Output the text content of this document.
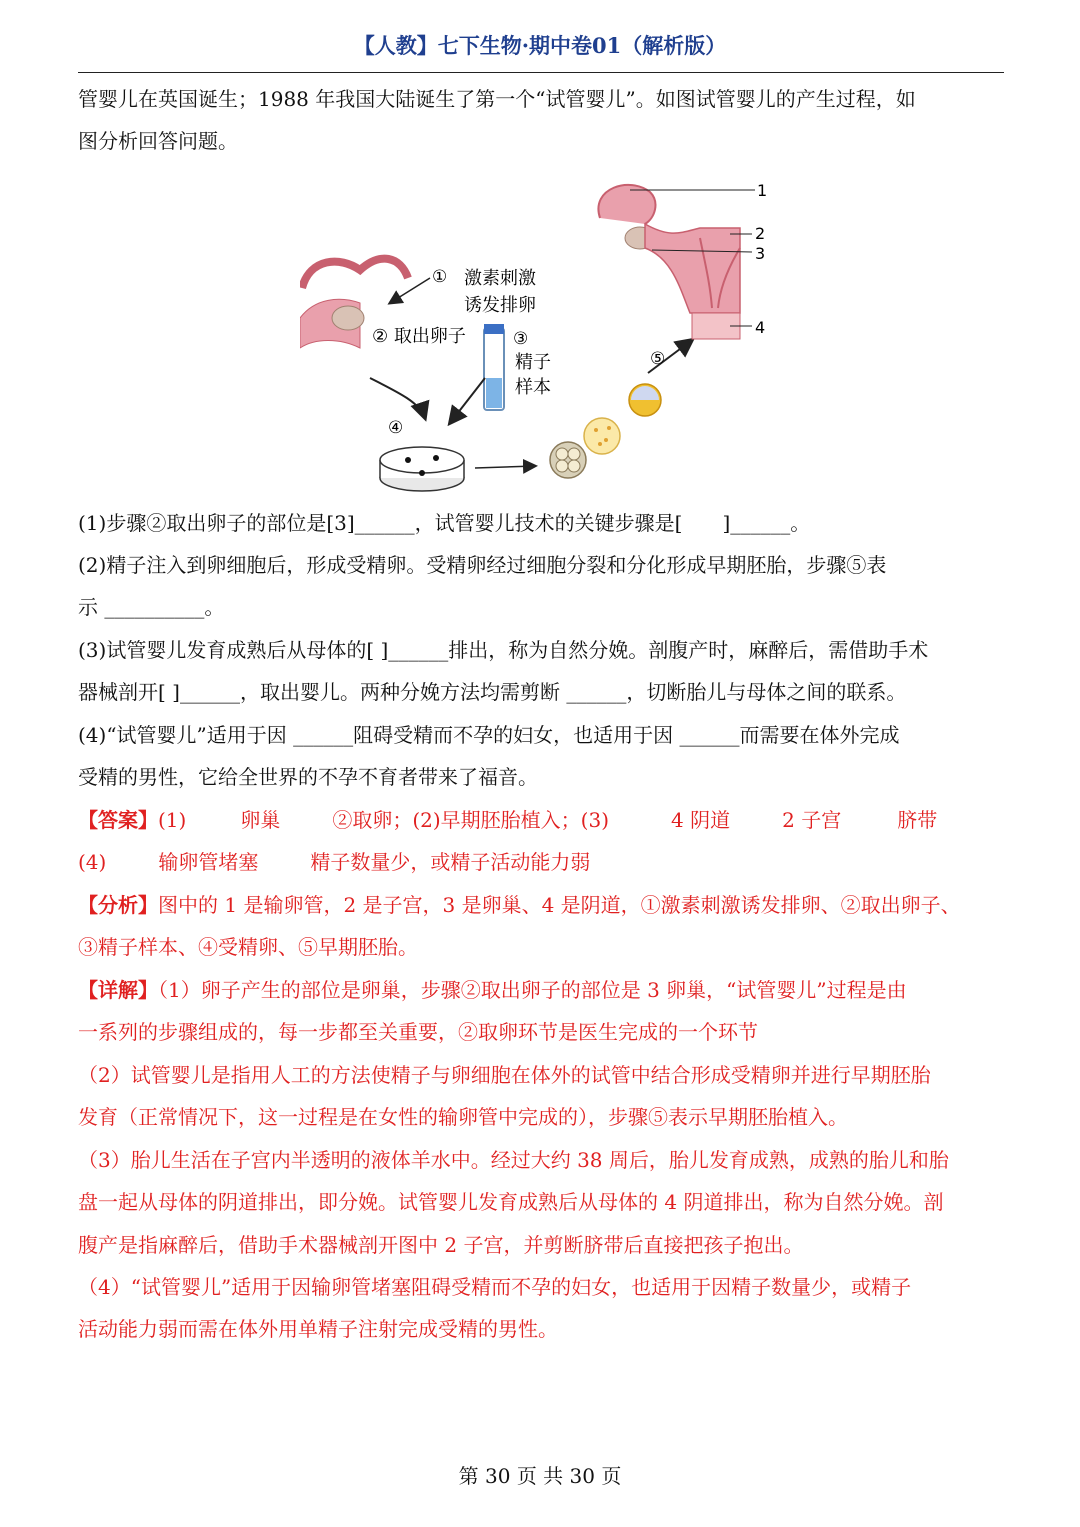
【人教】七下生物·期中卷01（解析版）

管婴儿在英国诞生；1988 年我国大陆诞生了第一个“试管婴儿”。如图试管婴儿的产生过程，如

图分析回答问题。

① 激素刺激
诱发排卵
② 取出卵子	③
精子
样本
④
⑤
1
2
3
4

(1)步骤②取出卵子的部位是[3]______，试管婴儿技术的关键步骤是[　　]______。

(2)精子注入到卵细胞后，形成受精卵。受精卵经过细胞分裂和分化形成早期胚胎，步骤⑤表

示 __________。

(3)试管婴儿发育成熟后从母体的[ ]______排出，称为自然分娩。剖腹产时，麻醉后，需借助手术

器械剖开[ ]______，取出婴儿。两种分娩方法均需剪断 ______，切断胎儿与母体之间的联系。

(4)“试管婴儿”适用于因 ______阻碍受精而不孕的妇女，也适用于因 ______而需要在体外完成

受精的男性，它给全世界的不孕不育者带来了福音。

【答案】(1)	卵巢	②取卵；(2)早期胚胎植入；(3)	4 阴道	2 子宫	脐带

(4)	输卵管堵塞	精子数量少，或精子活动能力弱

【分析】图中的 1 是输卵管，2 是子宫，3 是卵巢、4 是阴道，①激素刺激诱发排卵、②取出卵子、

③精子样本、④受精卵、⑤早期胚胎。

【详解】（1）卵子产生的部位是卵巢，步骤②取出卵子的部位是 3 卵巢，“试管婴儿”过程是由

一系列的步骤组成的，每一步都至关重要，②取卵环节是医生完成的一个环节

（2）试管婴儿是指用人工的方法使精子与卵细胞在体外的试管中结合形成受精卵并进行早期胚胎

发育（正常情况下，这一过程是在女性的输卵管中完成的），步骤⑤表示早期胚胎植入。

（3）胎儿生活在子宫内半透明的液体羊水中。经过大约 38 周后，胎儿发育成熟，成熟的胎儿和胎

盘一起从母体的阴道排出，即分娩。试管婴儿发育成熟后从母体的 4 阴道排出，称为自然分娩。剖

腹产是指麻醉后，借助手术器械剖开图中 2 子宫，并剪断脐带后直接把孩子抱出。

（4）“试管婴儿”适用于因输卵管堵塞阻碍受精而不孕的妇女，也适用于因精子数量少，或精子

活动能力弱而需在体外用单精子注射完成受精的男性。

第 30 页 共 30 页
